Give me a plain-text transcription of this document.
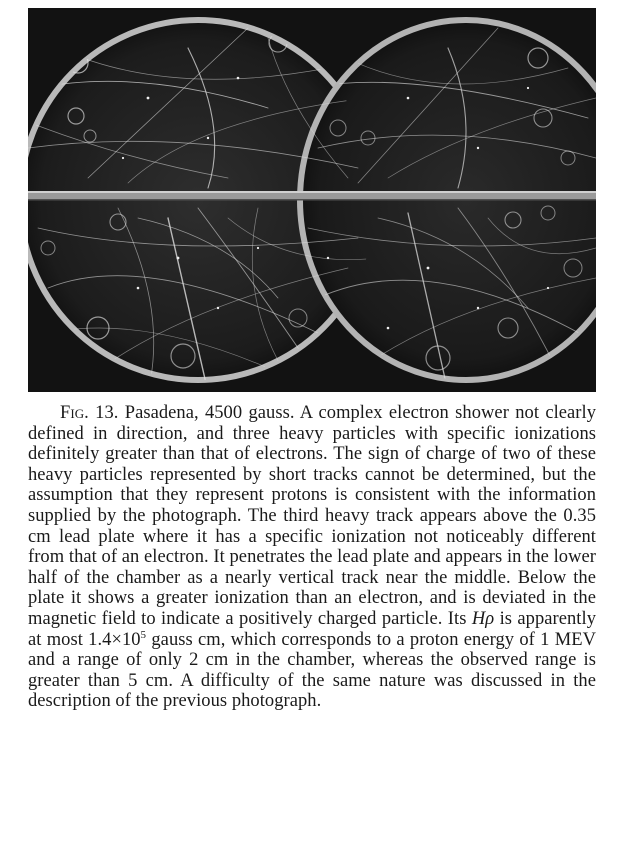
Fig. 13. Pasadena, 4500 gauss. A complex electron shower not clearly defined in direction, and three heavy particles with specific ionizations definitely greater than that of electrons. The sign of charge of two of these heavy particles represented by short tracks cannot be determined, but the assumption that they represent protons is consistent with the information supplied by the photograph. The third heavy track appears above the 0.35 cm lead plate where it has a specific ionization not noticeably different from that of an electron. It penetrates the lead plate and appears in the lower half of the chamber as a nearly vertical track near the middle. Below the plate it shows a greater ionization than an electron, and is deviated in the magnetic field to indicate a positively charged particle. Its Hρ is apparently at most $1.4\times 10^5$ gauss cm, which corresponds to a proton energy of 1 MEV and a range of only 2 cm in the chamber, whereas the observed range is greater than 5 cm. A difficulty of the same nature was discussed in the description of the previous photograph.
